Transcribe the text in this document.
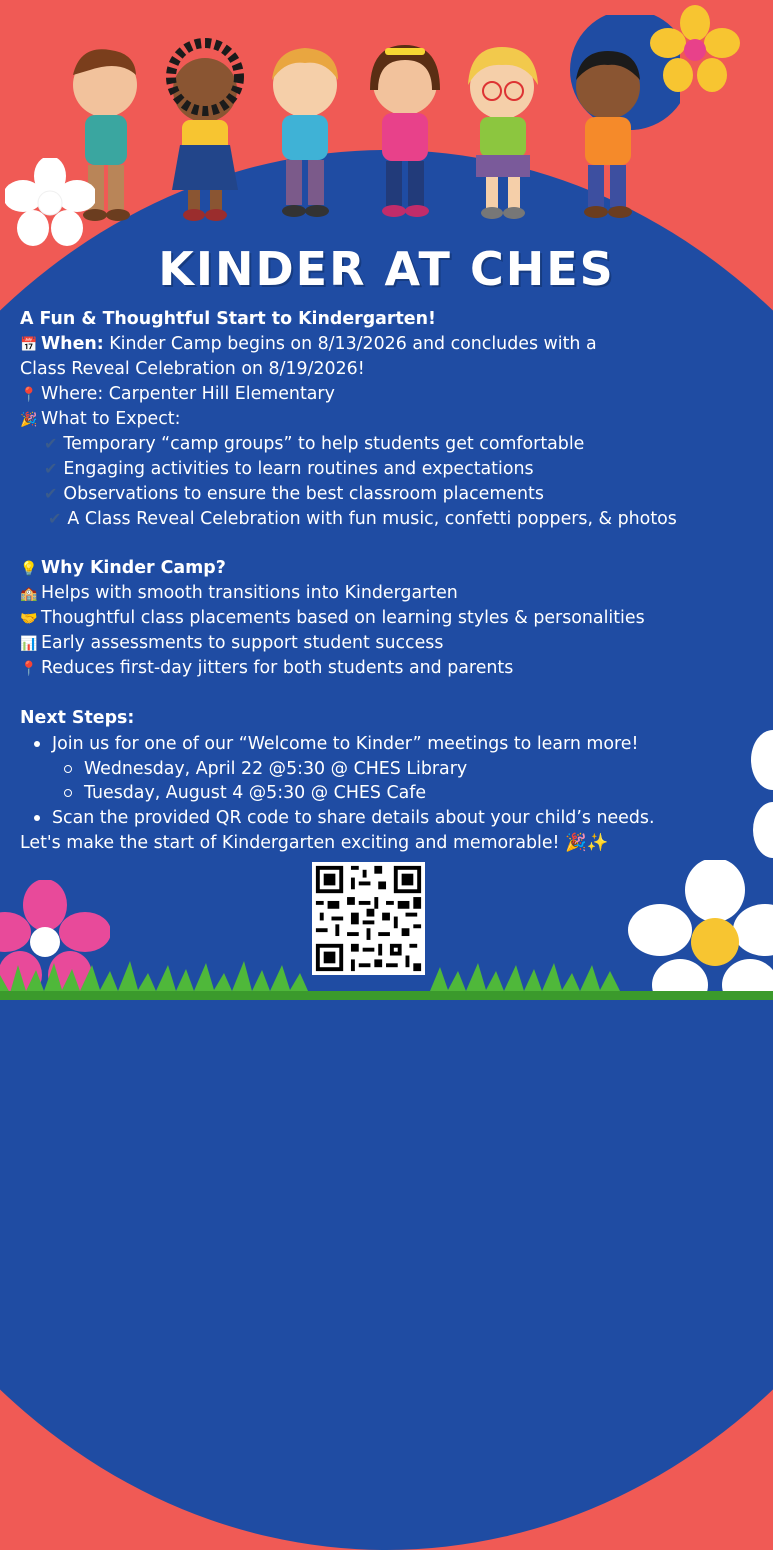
KINDER AT CHES
A Fun & Thoughtful Start to Kindergarten!
📅 When: Kinder Camp begins on 8/13/2026 and concludes with a
Class Reveal Celebration on 8/19/2026!
📍 Where: Carpenter Hill Elementary
🎉 What to Expect:
✔ Temporary “camp groups” to help students get comfortable
✔ Engaging activities to learn routines and expectations
✔ Observations to ensure the best classroom placements
✔ A Class Reveal Celebration with fun music, confetti poppers, & photos
💡 Why Kinder Camp?
🏫 Helps with smooth transitions into Kindergarten
🤝 Thoughtful class placements based on learning styles & personalities
📊 Early assessments to support student success
📍 Reduces first-day jitters for both students and parents
Next Steps:
Join us for one of our “Welcome to Kinder” meetings to learn more!
Wednesday, April 22 @5:30 @ CHES Library
Tuesday, August 4 @5:30 @ CHES Cafe
Scan the provided QR code to share details about your child’s needs.
Let's make the start of Kindergarten exciting and memorable! 🎉✨
